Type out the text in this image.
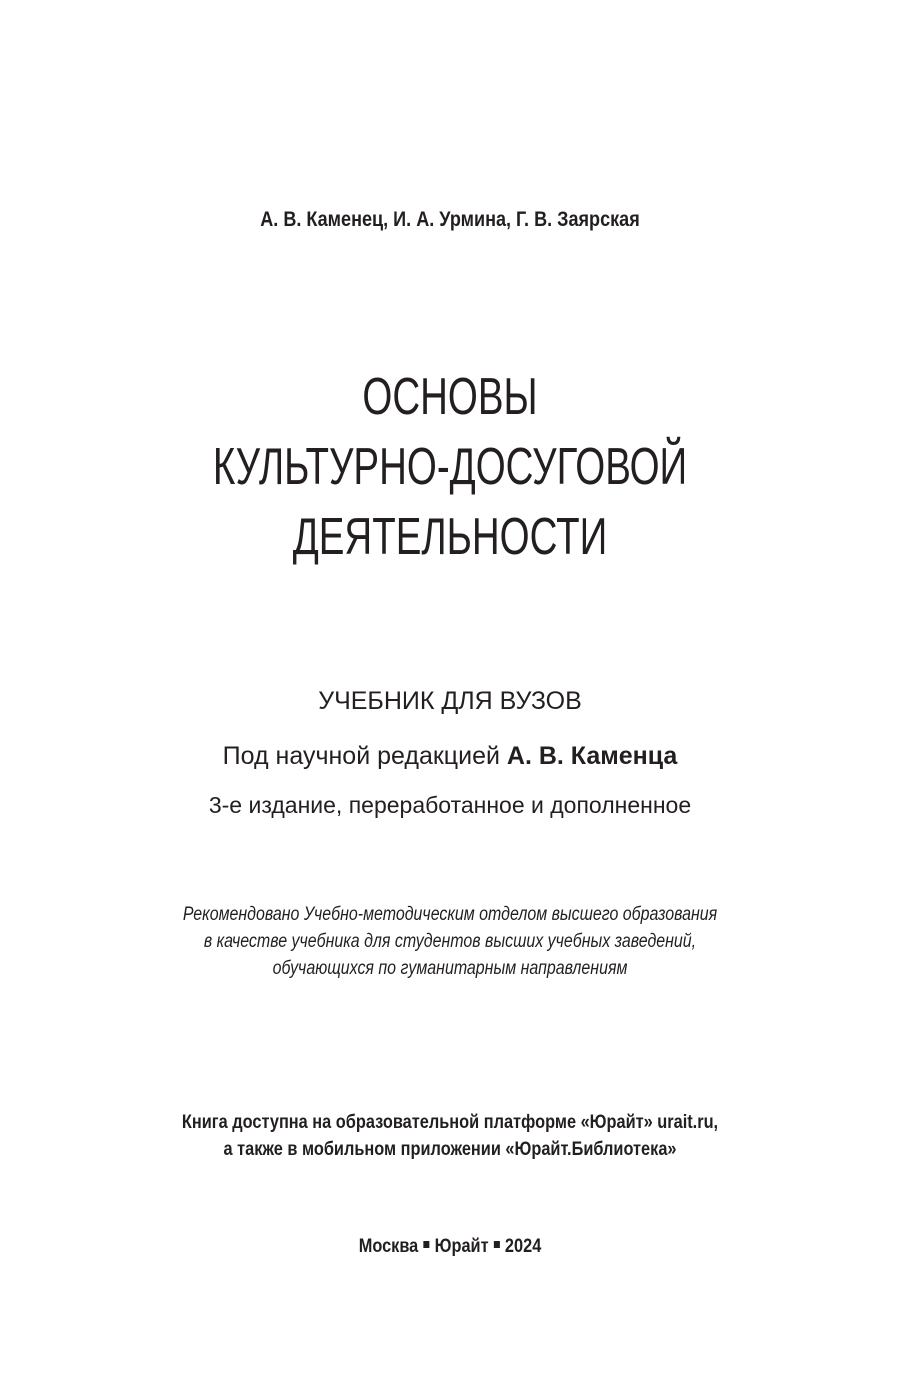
А. В. Каменец, И. А. Урмина, Г. В. Заярская
ОСНОВЫ
КУЛЬТУРНО-ДОСУГОВОЙ
ДЕЯТЕЛЬНОСТИ
УЧЕБНИК ДЛЯ ВУЗОВ
Под научной редакцией А. В. Каменца
3-е издание, переработанное и дополненное
Рекомендовано Учебно-методическим отделом высшего образования
в качестве учебника для студентов высших учебных заведений,
обучающихся по гуманитарным направлениям
Книга доступна на образовательной платформе «Юрайт» urait.ru,
а также в мобильном приложении «Юрайт.Библиотека»
Москва Юрайт 2024
